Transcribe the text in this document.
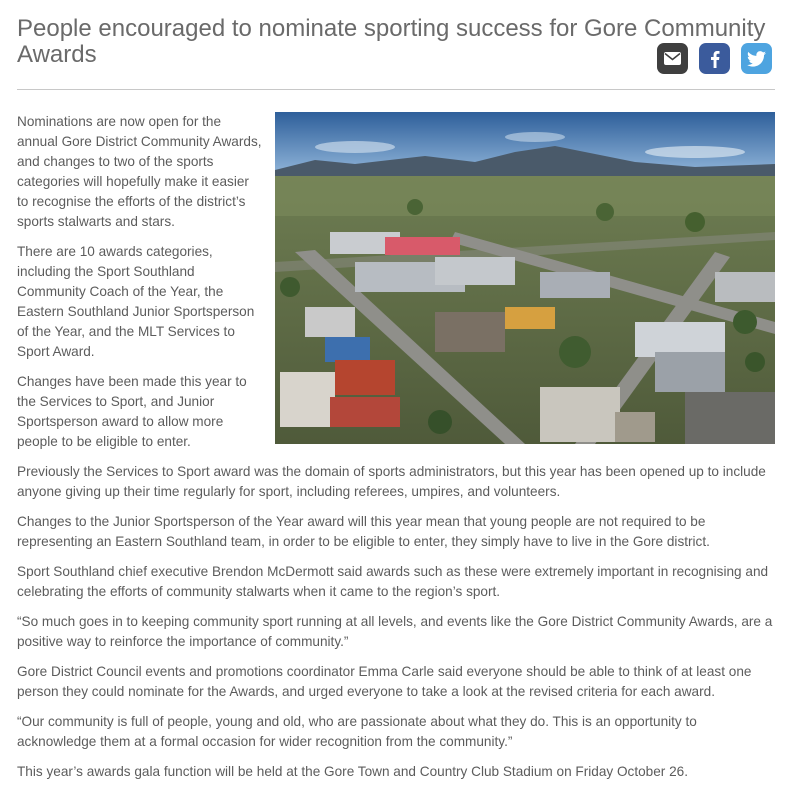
People encouraged to nominate sporting success for Gore Community Awards

Nominations are now open for the annual Gore District Community Awards, and changes to two of the sports categories will hopefully make it easier to recognise the efforts of the district’s sports stalwarts and stars.

There are 10 awards categories, including the Sport Southland Community Coach of the Year, the Eastern Southland Junior Sportsperson of the Year, and the MLT Services to Sport Award.

Changes have been made this year to the Services to Sport, and Junior Sportsperson award to allow more people to be eligible to enter.

Previously the Services to Sport award was the domain of sports administrators, but this year has been opened up to include anyone giving up their time regularly for sport, including referees, umpires, and volunteers.

Changes to the Junior Sportsperson of the Year award will this year mean that young people are not required to be representing an Eastern Southland team, in order to be eligible to enter, they simply have to live in the Gore district.

Sport Southland chief executive Brendon McDermott said awards such as these were extremely important in recognising and celebrating the efforts of community stalwarts when it came to the region’s sport.

“So much goes in to keeping community sport running at all levels, and events like the Gore District Community Awards, are a positive way to reinforce the importance of community.”

Gore District Council events and promotions coordinator Emma Carle said everyone should be able to think of at least one person they could nominate for the Awards, and urged everyone to take a look at the revised criteria for each award.

“Our community is full of people, young and old, who are passionate about what they do. This is an opportunity to acknowledge them at a formal occasion for wider recognition from the community.”

This year’s awards gala function will be held at the Gore Town and Country Club Stadium on Friday October 26.
